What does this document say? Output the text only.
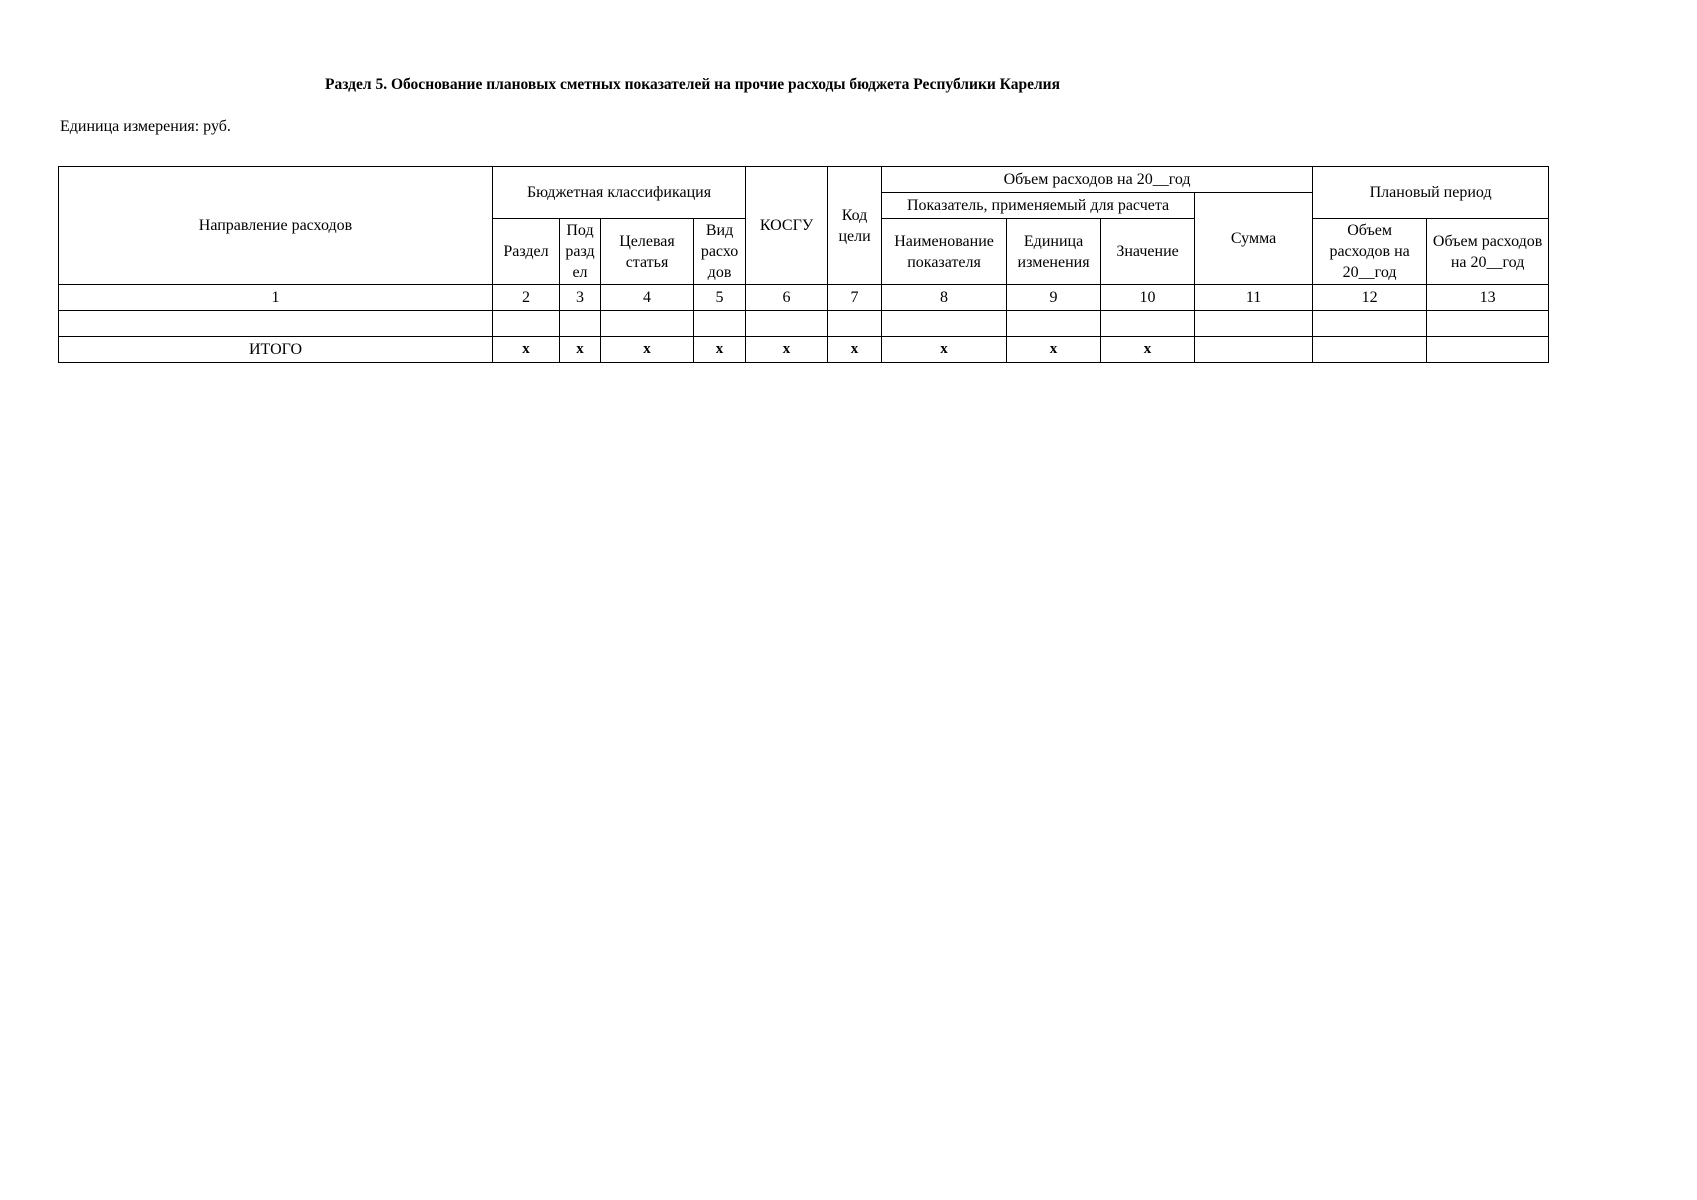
Раздел 5. Обоснование плановых сметных показателей на прочие расходы бюджета Республики Карелия
Единица измерения: руб.
Направление расходов	Бюджетная классификация				КОСГУ	Код цели	Объем расходов на 20__год				Плановый период	
							Показатель, применяемый для расчета			Сумма		
	Раздел	Под разд ел	Целевая статья	Вид расхо дов			Наименование показателя	Единица изменения	Значение		Объем расходов на 20__год	Объем расходов на 20__год
1	2	3	4	5	6	7	8	9	10	11	12	13

ИТОГО	x	x	x	x	x	x	x	x	x			
